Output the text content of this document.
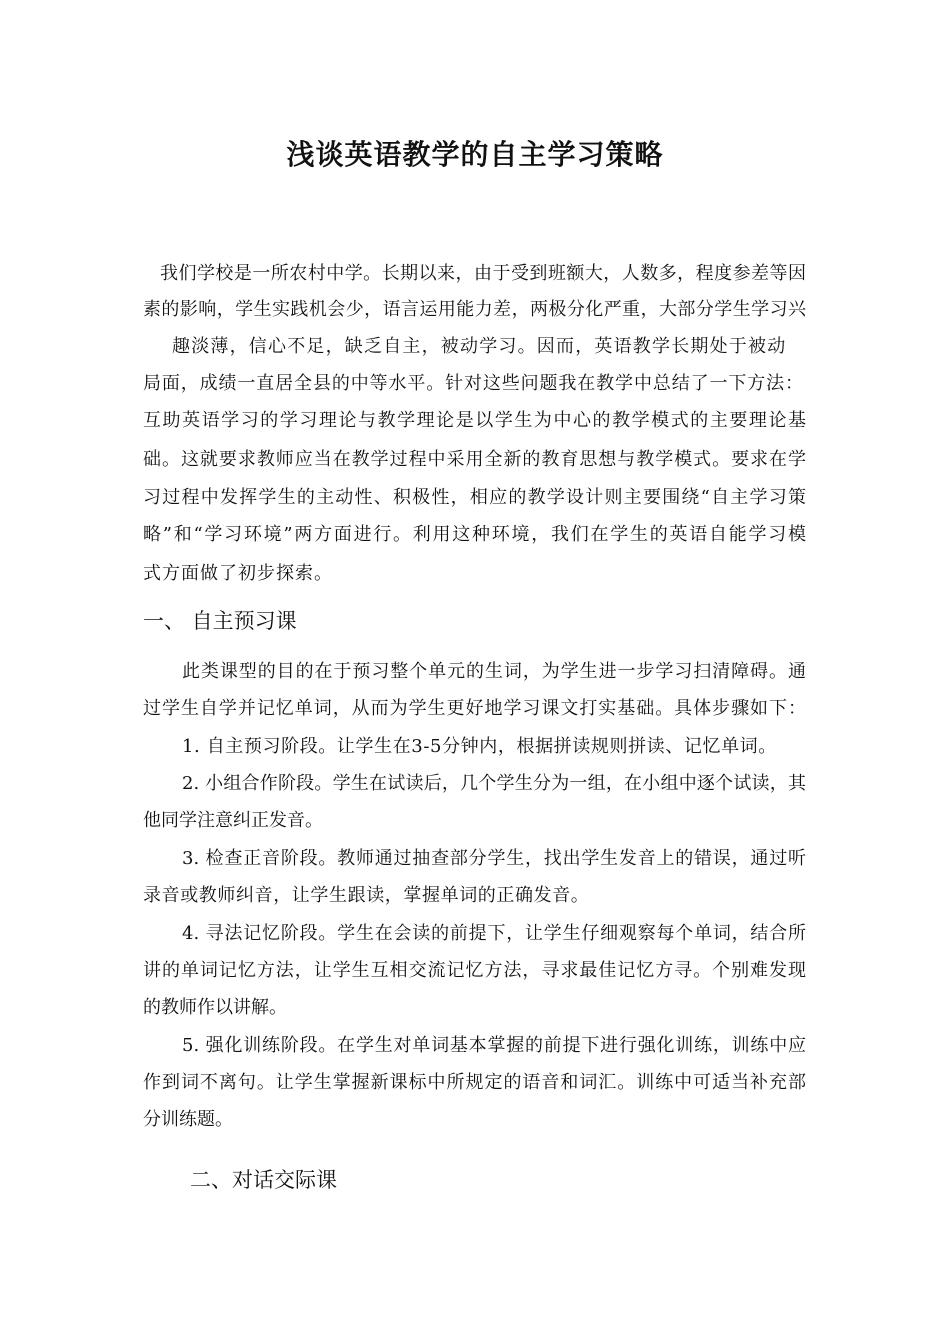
浅谈英语教学的自主学习策略
我们学校是一所农村中学。长期以来，由于受到班额大，人数多，程度参差等因
素的影响，学生实践机会少，语言运用能力差，两极分化严重，大部分学生学习兴
趣淡薄，信心不足，缺乏自主，被动学习。因而，英语教学长期处于被动
局面，成绩一直居全县的中等水平。针对这些问题我在教学中总结了一下方法：
互助英语学习的学习理论与教学理论是以学生为中心的教学模式的主要理论基
础。这就要求教师应当在教学过程中采用全新的教育思想与教学模式。要求在学
习过程中发挥学生的主动性、积极性，相应的教学设计则主要围绕“自主学习策
略”和“学习环境”两方面进行。利用这种环境，我们在学生的英语自能学习模
式方面做了初步探索。
一、 自主预习课
此类课型的目的在于预习整个单元的生词，为学生进一步学习扫清障碍。通
过学生自学并记忆单词，从而为学生更好地学习课文打实基础。具体步骤如下：
1. 自主预习阶段。让学生在3-5分钟内，根据拼读规则拼读、记忆单词。
2. 小组合作阶段。学生在试读后，几个学生分为一组，在小组中逐个试读，其
他同学注意纠正发音。
3. 检查正音阶段。教师通过抽查部分学生，找出学生发音上的错误，通过听
录音或教师纠音，让学生跟读，掌握单词的正确发音。
4. 寻法记忆阶段。学生在会读的前提下，让学生仔细观察每个单词，结合所
讲的单词记忆方法，让学生互相交流记忆方法，寻求最佳记忆方寻。个别难发现
的教师作以讲解。
5. 强化训练阶段。在学生对单词基本掌握的前提下进行强化训练，训练中应
作到词不离句。让学生掌握新课标中所规定的语音和词汇。训练中可适当补充部
分训练题。
二、对话交际课
